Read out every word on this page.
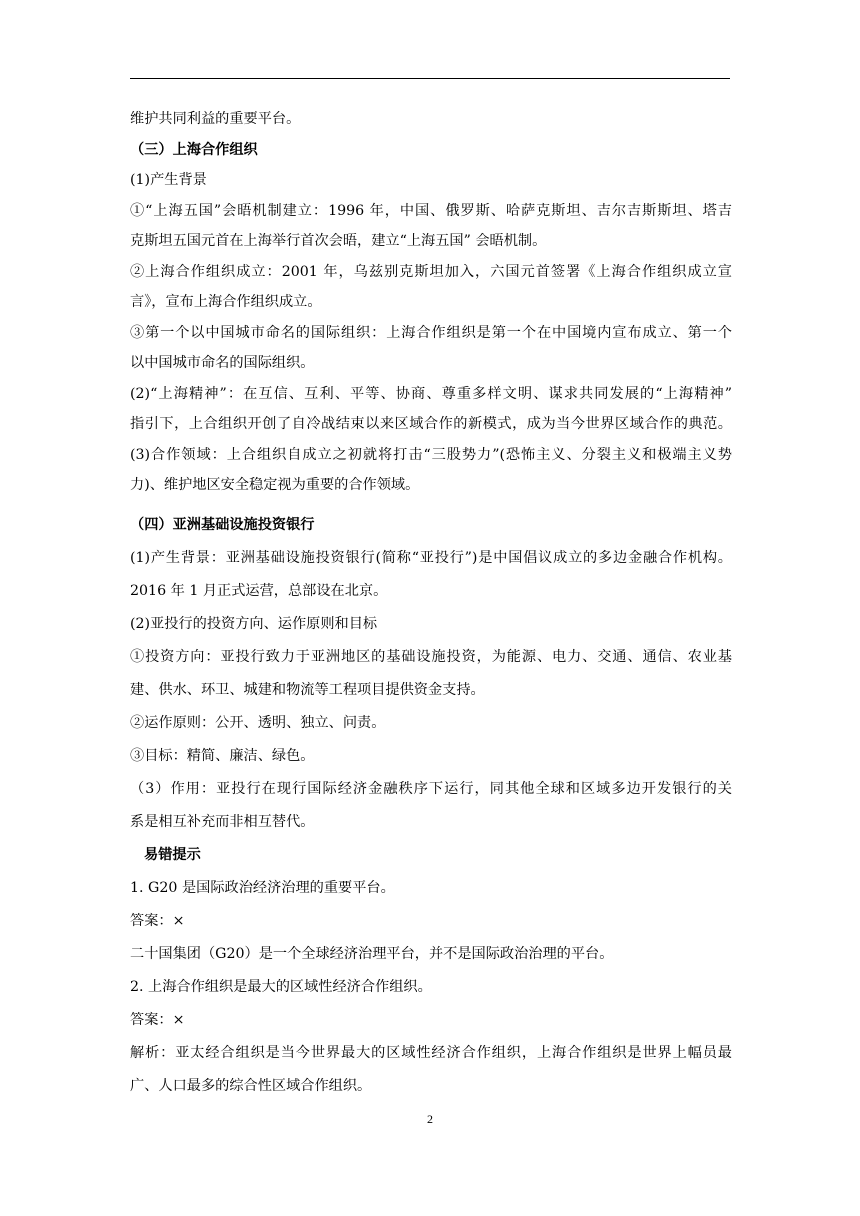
维护共同利益的重要平台。
（三）上海合作组织
(1)产生背景
①“上海五国”会晤机制建立：1996 年，中国、俄罗斯、哈萨克斯坦、吉尔吉斯斯坦、塔吉
克斯坦五国元首在上海举行首次会晤，建立“上海五国” 会晤机制。
②上海合作组织成立：2001 年，乌兹别克斯坦加入，六国元首签署《上海合作组织成立宣
言》，宣布上海合作组织成立。
③第一个以中国城市命名的国际组织：上海合作组织是第一个在中国境内宣布成立、第一个
以中国城市命名的国际组织。
(2)“上海精神”：在互信、互利、平等、协商、尊重多样文明、谋求共同发展的“上海精神”
指引下，上合组织开创了自冷战结束以来区域合作的新模式，成为当今世界区域合作的典范。
(3)合作领域：上合组织自成立之初就将打击“三股势力”(恐怖主义、分裂主义和极端主义势
力)、维护地区安全稳定视为重要的合作领域。
（四）亚洲基础设施投资银行
(1)产生背景：亚洲基础设施投资银行(简称“亚投行”)是中国倡议成立的多边金融合作机构。
2016 年 1 月正式运营，总部设在北京。
(2)亚投行的投资方向、运作原则和目标
①投资方向：亚投行致力于亚洲地区的基础设施投资，为能源、电力、交通、通信、农业基
建、供水、环卫、城建和物流等工程项目提供资金支持。
②运作原则：公开、透明、独立、问责。
③目标：精简、廉洁、绿色。
（3）作用：亚投行在现行国际经济金融秩序下运行，同其他全球和区域多边开发银行的关
系是相互补充而非相互替代。
易错提示
1. G20 是国际政治经济治理的重要平台。
答案：×
二十国集团（G20）是一个全球经济治理平台，并不是国际政治治理的平台。
2. 上海合作组织是最大的区域性经济合作组织。
答案：×
解析：亚太经合组织是当今世界最大的区域性经济合作组织，上海合作组织是世界上幅员最
广、人口最多的综合性区域合作组织。
2
